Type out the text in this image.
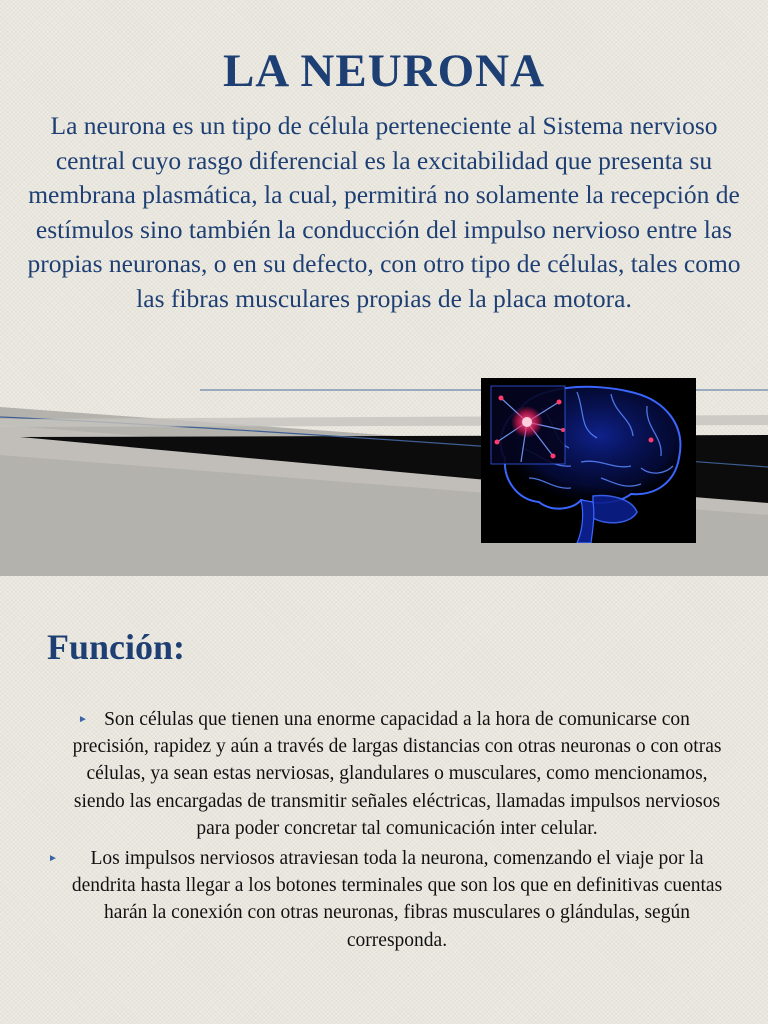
LA NEURONA

La neurona es un tipo de célula perteneciente al Sistema nervioso central cuyo rasgo diferencial es la excitabilidad que presenta su membrana plasmática, la cual, permitirá no solamente la recepción de estímulos sino también la conducción del impulso nervioso entre las propias neuronas, o en su defecto, con otro tipo de células, tales como las fibras musculares propias de la placa motora.

Función:
► Son células que tienen una enorme capacidad a la hora de comunicarse con precisión, rapidez y aún a través de largas distancias con otras neuronas o con otras células, ya sean estas nerviosas, glandulares o musculares, como mencionamos, siendo las encargadas de transmitir señales eléctricas, llamadas impulsos nerviosos para poder concretar tal comunicación inter celular.
► Los impulsos nerviosos atraviesan toda la neurona, comenzando el viaje por la dendrita hasta llegar a los botones terminales que son los que en definitivas cuentas harán la conexión con otras neuronas, fibras musculares o glándulas, según corresponda.
